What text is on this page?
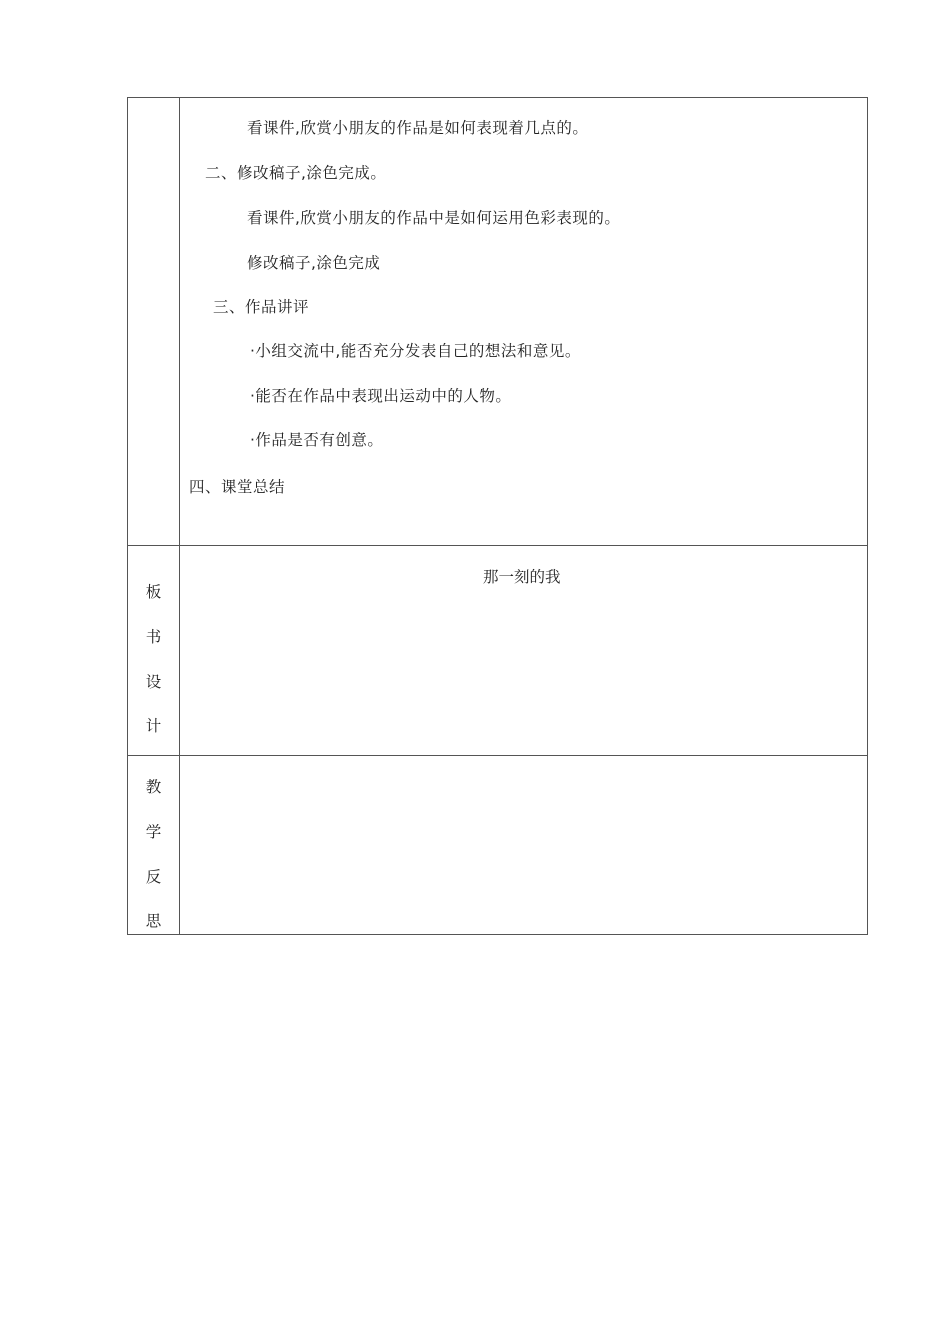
看课件,欣赏小朋友的作品是如何表现着几点的。
二、修改稿子,涂色完成。
看课件,欣赏小朋友的作品中是如何运用色彩表现的。
修改稿子,涂色完成
三、作品讲评
·小组交流中,能否充分发表自己的想法和意见。
·能否在作品中表现出运动中的人物。
·作品是否有创意。
四、课堂总结
板
书
设
计
那一刻的我
教
学
反
思
